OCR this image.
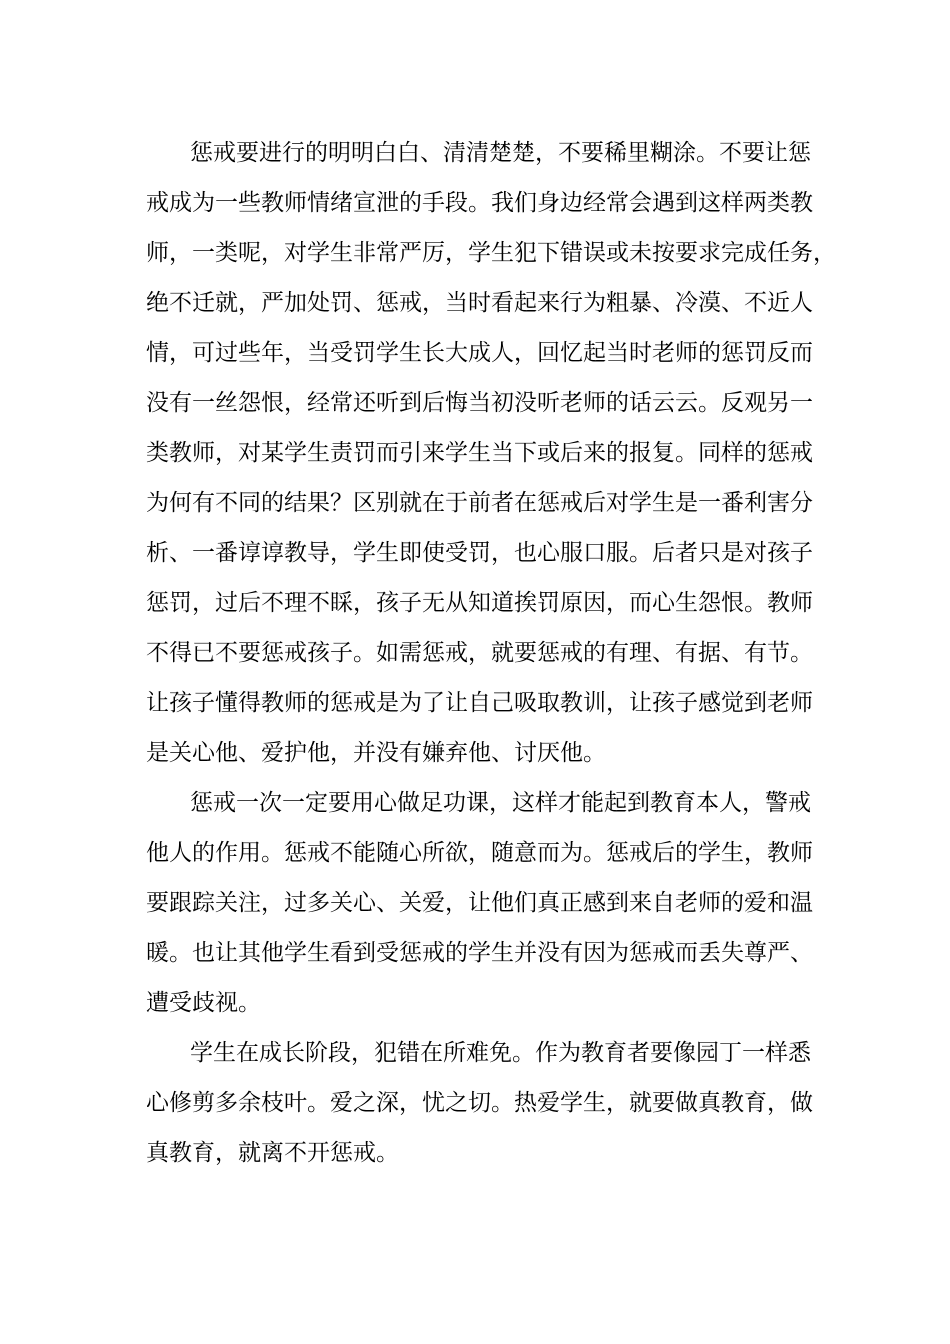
惩戒要进行的明明白白、清清楚楚，不要稀里糊涂。不要让惩
戒成为一些教师情绪宣泄的手段。我们身边经常会遇到这样两类教
师，一类呢，对学生非常严厉，学生犯下错误或未按要求完成任务，
绝不迁就，严加处罚、惩戒，当时看起来行为粗暴、冷漠、不近人
情，可过些年，当受罚学生长大成人，回忆起当时老师的惩罚反而
没有一丝怨恨，经常还听到后悔当初没听老师的话云云。反观另一
类教师，对某学生责罚而引来学生当下或后来的报复。同样的惩戒
为何有不同的结果？区别就在于前者在惩戒后对学生是一番利害分
析、一番谆谆教导，学生即使受罚，也心服口服。后者只是对孩子
惩罚，过后不理不睬，孩子无从知道挨罚原因，而心生怨恨。教师
不得已不要惩戒孩子。如需惩戒，就要惩戒的有理、有据、有节。
让孩子懂得教师的惩戒是为了让自己吸取教训，让孩子感觉到老师
是关心他、爱护他，并没有嫌弃他、讨厌他。
惩戒一次一定要用心做足功课，这样才能起到教育本人，警戒
他人的作用。惩戒不能随心所欲，随意而为。惩戒后的学生，教师
要跟踪关注，过多关心、关爱，让他们真正感到来自老师的爱和温
暖。也让其他学生看到受惩戒的学生并没有因为惩戒而丢失尊严、
遭受歧视。
学生在成长阶段，犯错在所难免。作为教育者要像园丁一样悉
心修剪多余枝叶。爱之深，忧之切。热爱学生，就要做真教育，做
真教育，就离不开惩戒。
